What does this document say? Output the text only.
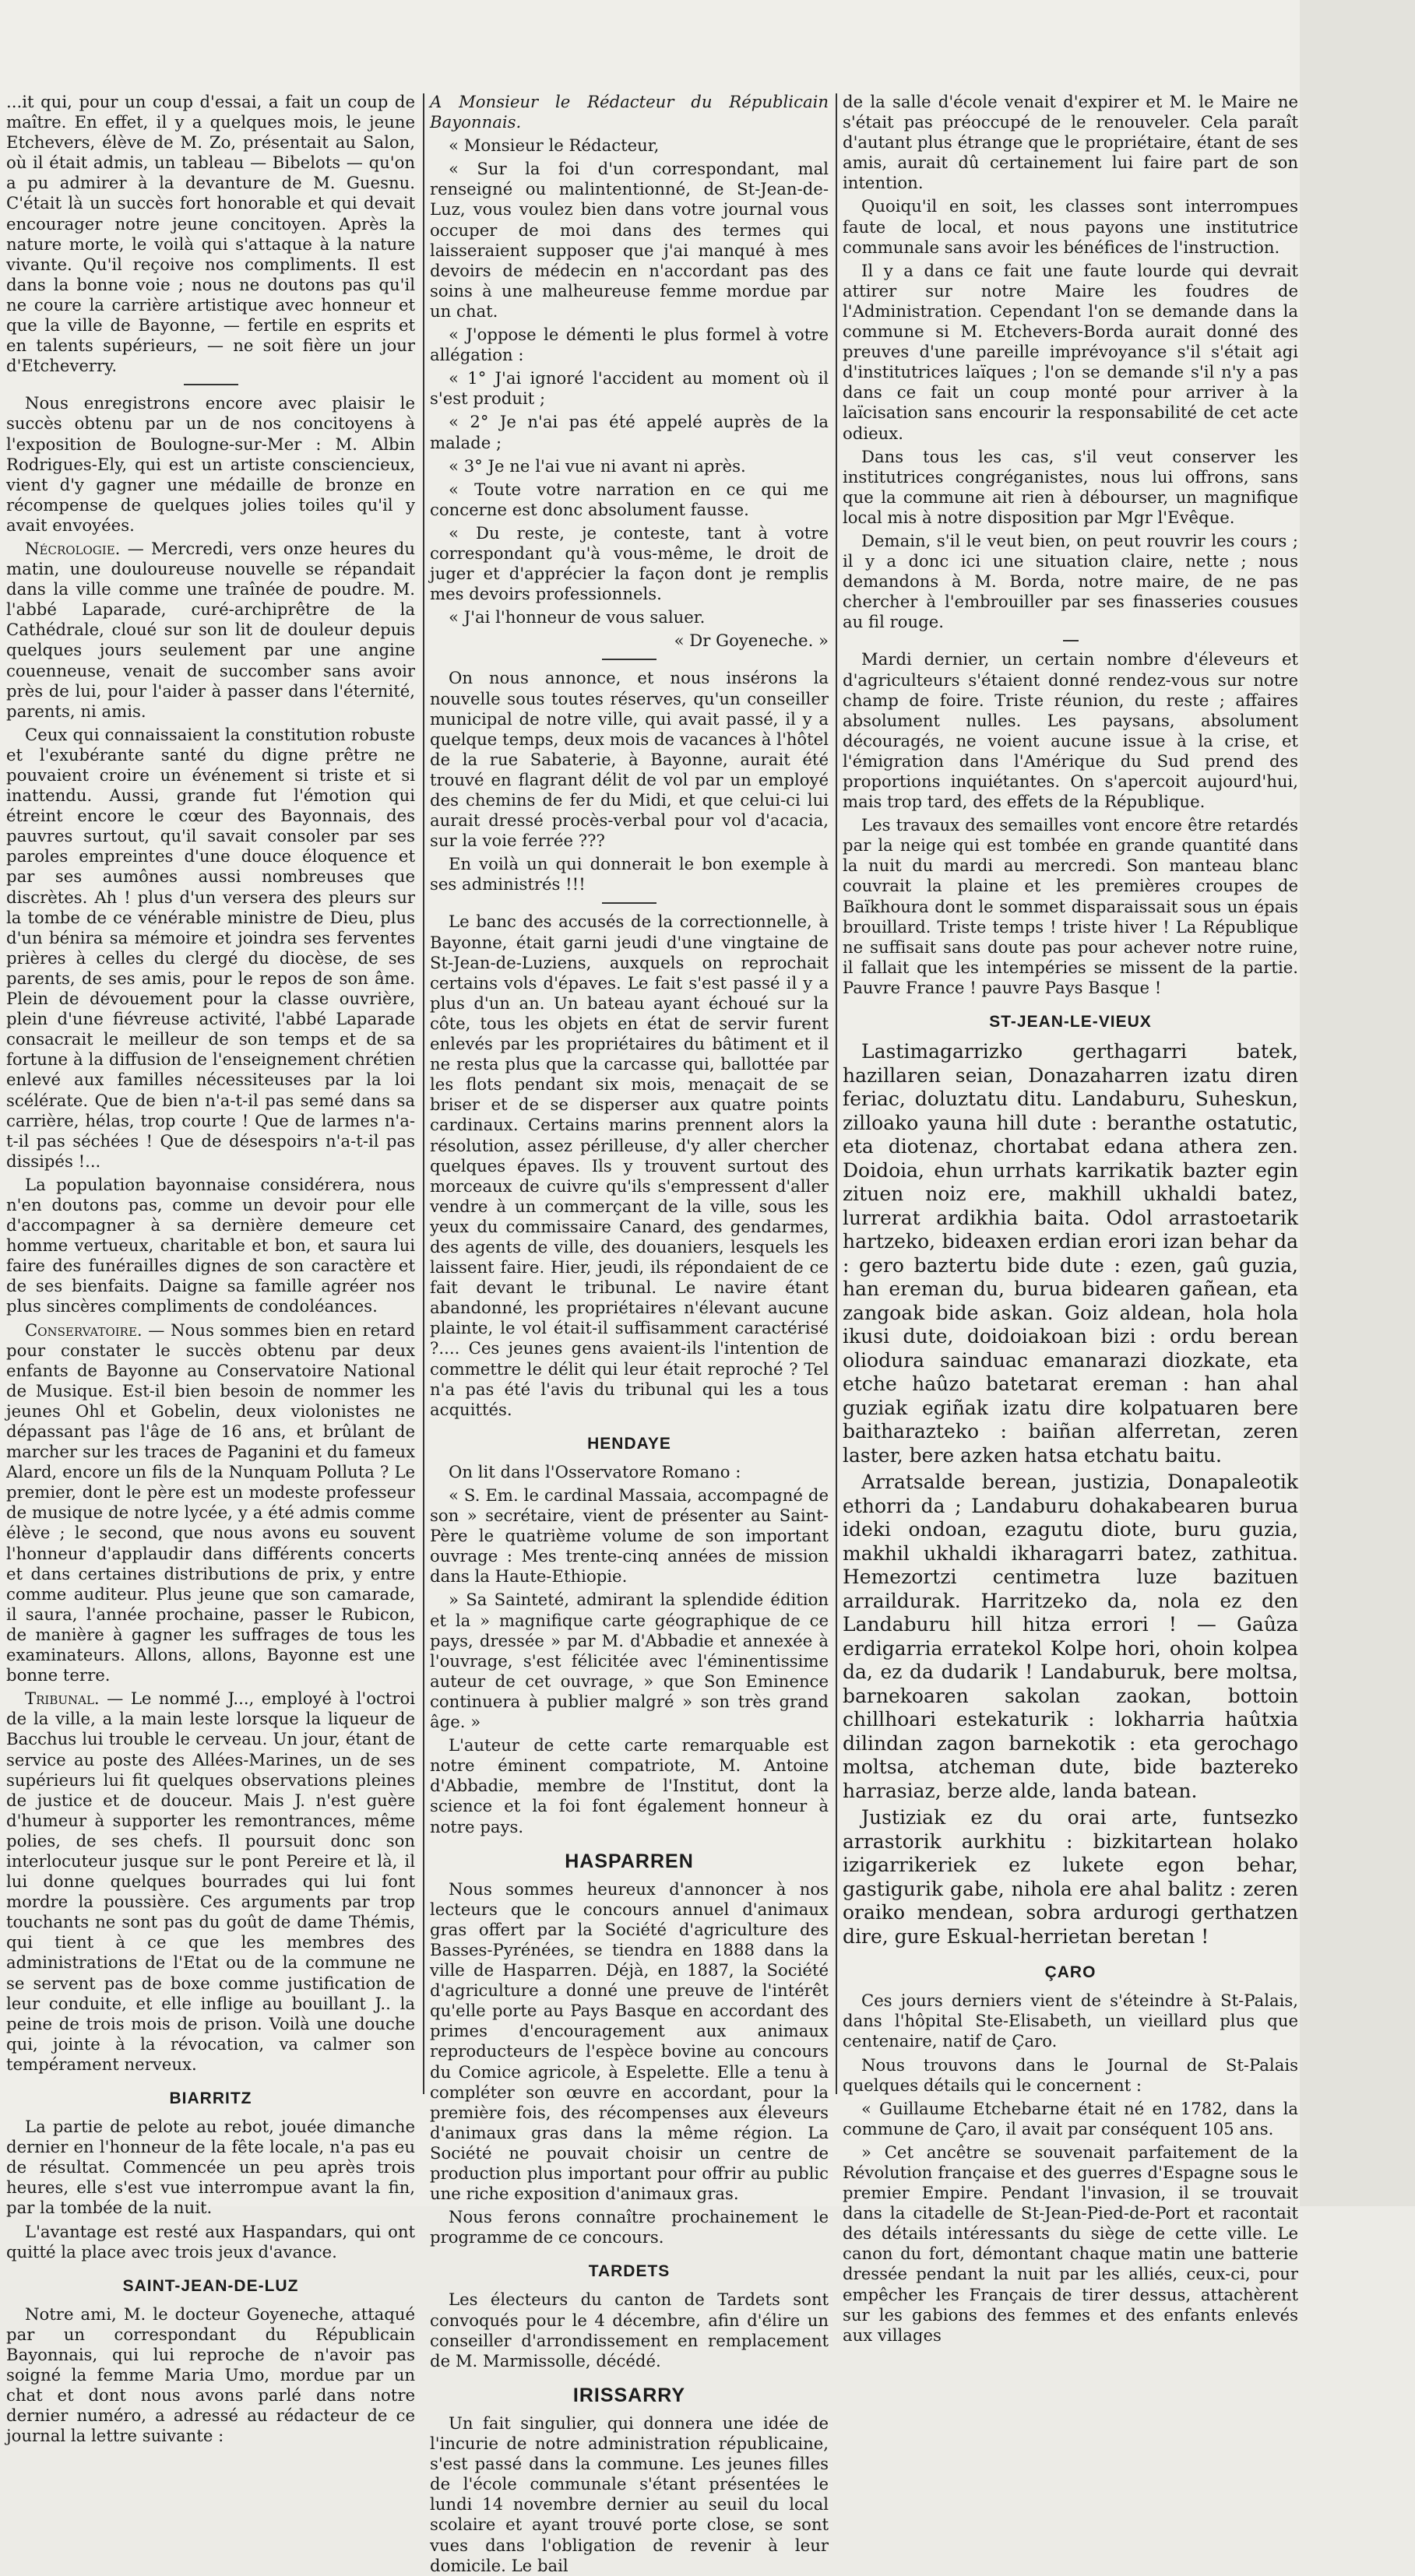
...it qui, pour un coup d'essai, a fait un coup de maître. En effet, il y a quelques mois, le jeune Etchevers, élève de M. Zo, présentait au Salon, où il était admis, un tableau — Bibelots — qu'on a pu admirer à la devanture de M. Guesnu. C'était là un succès fort honorable et qui devait encourager notre jeune concitoyen. Après la nature morte, le voilà qui s'attaque à la nature vivante. Qu'il reçoive nos compliments. Il est dans la bonne voie ; nous ne doutons pas qu'il ne coure la carrière artistique avec honneur et que la ville de Bayonne, — fertile en esprits et en talents supérieurs, — ne soit fière un jour d'Etcheverry.

Nous enregistrons encore avec plaisir le succès obtenu par un de nos concitoyens à l'exposition de Boulogne-sur-Mer : M. Albin Rodrigues-Ely, qui est un artiste consciencieux, vient d'y gagner une médaille de bronze en récompense de quelques jolies toiles qu'il y avait envoyées.

Nécrologie. — Mercredi, vers onze heures du matin, une douloureuse nouvelle se répandait dans la ville comme une traînée de poudre. M. l'abbé Laparade, curé-archiprêtre de la Cathédrale, cloué sur son lit de douleur depuis quelques jours seulement par une angine couenneuse, venait de succomber sans avoir près de lui, pour l'aider à passer dans l'éternité, parents, ni amis.

Ceux qui connaissaient la constitution robuste et l'exubérante santé du digne prêtre ne pouvaient croire un événement si triste et si inattendu. Aussi, grande fut l'émotion qui étreint encore le cœur des Bayonnais, des pauvres surtout, qu'il savait consoler par ses paroles empreintes d'une douce éloquence et par ses aumônes aussi nombreuses que discrètes. Ah ! plus d'un versera des pleurs sur la tombe de ce vénérable ministre de Dieu, plus d'un bénira sa mémoire et joindra ses ferventes prières à celles du clergé du diocèse, de ses parents, de ses amis, pour le repos de son âme. Plein de dévouement pour la classe ouvrière, plein d'une fiévreuse activité, l'abbé Laparade consacrait le meilleur de son temps et de sa fortune à la diffusion de l'enseignement chrétien enlevé aux familles nécessiteuses par la loi scélérate. Que de bien n'a-t-il pas semé dans sa carrière, hélas, trop courte ! Que de larmes n'a-t-il pas séchées ! Que de désespoirs n'a-t-il pas dissipés !...

La population bayonnaise considérera, nous n'en doutons pas, comme un devoir pour elle d'accompagner à sa dernière demeure cet homme vertueux, charitable et bon, et saura lui faire des funérailles dignes de son caractère et de ses bienfaits. Daigne sa famille agréer nos plus sincères compliments de condoléances.

Conservatoire. — Nous sommes bien en retard pour constater le succès obtenu par deux enfants de Bayonne au Conservatoire National de Musique. Est-il bien besoin de nommer les jeunes Ohl et Gobelin, deux violonistes ne dépassant pas l'âge de 16 ans, et brûlant de marcher sur les traces de Paganini et du fameux Alard, encore un fils de la Nunquam Polluta ? Le premier, dont le père est un modeste professeur de musique de notre lycée, y a été admis comme élève ; le second, que nous avons eu souvent l'honneur d'applaudir dans différents concerts et dans certaines distributions de prix, y entre comme auditeur. Plus jeune que son camarade, il saura, l'année prochaine, passer le Rubicon, de manière à gagner les suffrages de tous les examinateurs. Allons, allons, Bayonne est une bonne terre.

Tribunal. — Le nommé J..., employé à l'octroi de la ville, a la main leste lorsque la liqueur de Bacchus lui trouble le cerveau. Un jour, étant de service au poste des Allées-Marines, un de ses supérieurs lui fit quelques observations pleines de justice et de douceur. Mais J. n'est guère d'humeur à supporter les remontrances, même polies, de ses chefs. Il poursuit donc son interlocuteur jusque sur le pont Pereire et là, il lui donne quelques bourrades qui lui font mordre la poussière. Ces arguments par trop touchants ne sont pas du goût de dame Thémis, qui tient à ce que les membres des administrations de l'Etat ou de la commune ne se servent pas de boxe comme justification de leur conduite, et elle inflige au bouillant J.. la peine de trois mois de prison. Voilà une douche qui, jointe à la révocation, va calmer son tempérament nerveux.

BIARRITZ

La partie de pelote au rebot, jouée dimanche dernier en l'honneur de la fête locale, n'a pas eu de résultat. Commencée un peu après trois heures, elle s'est vue interrompue avant la fin, par la tombée de la nuit.

L'avantage est resté aux Haspandars, qui ont quitté la place avec trois jeux d'avance.

SAINT-JEAN-DE-LUZ

Notre ami, M. le docteur Goyeneche, attaqué par un correspondant du Républicain Bayonnais, qui lui reproche de n'avoir pas soigné la femme Maria Umo, mordue par un chat et dont nous avons parlé dans notre dernier numéro, a adressé au rédacteur de ce journal la lettre suivante :

A Monsieur le Rédacteur du Républicain Bayonnais.

« Monsieur le Rédacteur,

« Sur la foi d'un correspondant, mal renseigné ou malintentionné, de St-Jean-de-Luz, vous voulez bien dans votre journal vous occuper de moi dans des termes qui laisseraient supposer que j'ai manqué à mes devoirs de médecin en n'accordant pas des soins à une malheureuse femme mordue par un chat.

« J'oppose le démenti le plus formel à votre allégation :

« 1° J'ai ignoré l'accident au moment où il s'est produit ;

« 2° Je n'ai pas été appelé auprès de la malade ;

« 3° Je ne l'ai vue ni avant ni après.

« Toute votre narration en ce qui me concerne est donc absolument fausse.

« Du reste, je conteste, tant à votre correspondant qu'à vous-même, le droit de juger et d'apprécier la façon dont je remplis mes devoirs professionnels.

« J'ai l'honneur de vous saluer.

« Dr Goyeneche. »

On nous annonce, et nous insérons la nouvelle sous toutes réserves, qu'un conseiller municipal de notre ville, qui avait passé, il y a quelque temps, deux mois de vacances à l'hôtel de la rue Sabaterie, à Bayonne, aurait été trouvé en flagrant délit de vol par un employé des chemins de fer du Midi, et que celui-ci lui aurait dressé procès-verbal pour vol d'acacia, sur la voie ferrée ???

En voilà un qui donnerait le bon exemple à ses administrés !!!

Le banc des accusés de la correctionnelle, à Bayonne, était garni jeudi d'une vingtaine de St-Jean-de-Luziens, auxquels on reprochait certains vols d'épaves. Le fait s'est passé il y a plus d'un an. Un bateau ayant échoué sur la côte, tous les objets en état de servir furent enlevés par les propriétaires du bâtiment et il ne resta plus que la carcasse qui, ballottée par les flots pendant six mois, menaçait de se briser et de se disperser aux quatre points cardinaux. Certains marins prennent alors la résolution, assez périlleuse, d'y aller chercher quelques épaves. Ils y trouvent surtout des morceaux de cuivre qu'ils s'empressent d'aller vendre à un commerçant de la ville, sous les yeux du commissaire Canard, des gendarmes, des agents de ville, des douaniers, lesquels les laissent faire. Hier, jeudi, ils répondaient de ce fait devant le tribunal. Le navire étant abandonné, les propriétaires n'élevant aucune plainte, le vol était-il suffisamment caractérisé ?.... Ces jeunes gens avaient-ils l'intention de commettre le délit qui leur était reproché ? Tel n'a pas été l'avis du tribunal qui les a tous acquittés.

HENDAYE

On lit dans l'Osservatore Romano :

« S. Em. le cardinal Massaia, accompagné de son » secrétaire, vient de présenter au Saint-Père le quatrième volume de son important ouvrage : Mes trente-cinq années de mission dans la Haute-Ethiopie.

» Sa Sainteté, admirant la splendide édition et la » magnifique carte géographique de ce pays, dressée » par M. d'Abbadie et annexée à l'ouvrage, s'est félicitée avec l'éminentissime auteur de cet ouvrage, » que Son Eminence continuera à publier malgré » son très grand âge. »

L'auteur de cette carte remarquable est notre éminent compatriote, M. Antoine d'Abbadie, membre de l'Institut, dont la science et la foi font également honneur à notre pays.

HASPARREN

Nous sommes heureux d'annoncer à nos lecteurs que le concours annuel d'animaux gras offert par la Société d'agriculture des Basses-Pyrénées, se tiendra en 1888 dans la ville de Hasparren. Déjà, en 1887, la Société d'agriculture a donné une preuve de l'intérêt qu'elle porte au Pays Basque en accordant des primes d'encouragement aux animaux reproducteurs de l'espèce bovine au concours du Comice agricole, à Espelette. Elle a tenu à compléter son œuvre en accordant, pour la première fois, des récompenses aux éleveurs d'animaux gras dans la même région. La Société ne pouvait choisir un centre de production plus important pour offrir au public une riche exposition d'animaux gras.

Nous ferons connaître prochainement le programme de ce concours.

TARDETS

Les électeurs du canton de Tardets sont convoqués pour le 4 décembre, afin d'élire un conseiller d'arrondissement en remplacement de M. Marmissolle, décédé.

IRISSARRY

Un fait singulier, qui donnera une idée de l'incurie de notre administration républicaine, s'est passé dans la commune. Les jeunes filles de l'école communale s'étant présentées le lundi 14 novembre dernier au seuil du local scolaire et ayant trouvé porte close, se sont vues dans l'obligation de revenir à leur domicile. Le bail

de la salle d'école venait d'expirer et M. le Maire ne s'était pas préoccupé de le renouveler. Cela paraît d'autant plus étrange que le propriétaire, étant de ses amis, aurait dû certainement lui faire part de son intention.

Quoiqu'il en soit, les classes sont interrompues faute de local, et nous payons une institutrice communale sans avoir les bénéfices de l'instruction.

Il y a dans ce fait une faute lourde qui devrait attirer sur notre Maire les foudres de l'Administration. Cependant l'on se demande dans la commune si M. Etchevers-Borda aurait donné des preuves d'une pareille imprévoyance s'il s'était agi d'institutrices laïques ; l'on se demande s'il n'y a pas dans ce fait un coup monté pour arriver à la laïcisation sans encourir la responsabilité de cet acte odieux.

Dans tous les cas, s'il veut conserver les institutrices congréganistes, nous lui offrons, sans que la commune ait rien à débourser, un magnifique local mis à notre disposition par Mgr l'Evêque.

Demain, s'il le veut bien, on peut rouvrir les cours ; il y a donc ici une situation claire, nette ; nous demandons à M. Borda, notre maire, de ne pas chercher à l'embrouiller par ses finasseries cousues au fil rouge.

Mardi dernier, un certain nombre d'éleveurs et d'agriculteurs s'étaient donné rendez-vous sur notre champ de foire. Triste réunion, du reste ; affaires absolument nulles. Les paysans, absolument découragés, ne voient aucune issue à la crise, et l'émigration dans l'Amérique du Sud prend des proportions inquiétantes. On s'apercoit aujourd'hui, mais trop tard, des effets de la République.

Les travaux des semailles vont encore être retardés par la neige qui est tombée en grande quantité dans la nuit du mardi au mercredi. Son manteau blanc couvrait la plaine et les premières croupes de Baïkhoura dont le sommet disparaissait sous un épais brouillard. Triste temps ! triste hiver ! La République ne suffisait sans doute pas pour achever notre ruine, il fallait que les intempéries se missent de la partie. Pauvre France ! pauvre Pays Basque !

ST-JEAN-LE-VIEUX

Lastimagarrizko gerthagarri batek, hazillaren seian, Donazaharren izatu diren feriac, doluztatu ditu. Landaburu, Suheskun, zilloako yauna hill dute : beranthe ostatutic, eta diotenaz, chortabat edana athera zen. Doidoia, ehun urrhats karrikatik bazter egin zituen noiz ere, makhill ukhaldi batez, lurrerat ardikhia baita. Odol arrastoetarik hartzeko, bideaxen erdian erori izan behar da : gero baztertu bide dute : ezen, gaû guzia, han ereman du, burua bidearen gañean, eta zangoak bide askan. Goiz aldean, hola hola ikusi dute, doidoiakoan bizi : ordu berean oliodura sainduac emanarazi diozkate, eta etche haûzo batetarat ereman : han ahal guziak egiñak izatu dire kolpatuaren bere baitharazteko : baiñan alferretan, zeren laster, bere azken hatsa etchatu baitu.

Arratsalde berean, justizia, Donapaleotik ethorri da ; Landaburu dohakabearen burua ideki ondoan, ezagutu diote, buru guzia, makhil ukhaldi ikharagarri batez, zathitua. Hemezortzi centimetra luze bazituen arraildurak. Harritzeko da, nola ez den Landaburu hill hitza errori ! — Gaûza erdigarria erratekol Kolpe hori, ohoin kolpea da, ez da dudarik ! Landaburuk, bere moltsa, barnekoaren sakolan zaokan, bottoin chillhoari estekaturik : lokharria haûtxia dilindan zagon barnekotik : eta gerochago moltsa, atcheman dute, bide baztereko harrasiaz, berze alde, landa batean.

Justiziak ez du orai arte, funtsezko arrastorik aurkhitu : bizkitartean holako izigarrikeriek ez lukete egon behar, gastigurik gabe, nihola ere ahal balitz : zeren oraiko mendean, sobra ardurogi gerthatzen dire, gure Eskual-herrietan beretan !

ÇARO

Ces jours derniers vient de s'éteindre à St-Palais, dans l'hôpital Ste-Elisabeth, un vieillard plus que centenaire, natif de Çaro.

Nous trouvons dans le Journal de St-Palais quelques détails qui le concernent :

« Guillaume Etchebarne était né en 1782, dans la commune de Çaro, il avait par conséquent 105 ans.

» Cet ancêtre se souvenait parfaitement de la Révolution française et des guerres d'Espagne sous le premier Empire. Pendant l'invasion, il se trouvait dans la citadelle de St-Jean-Pied-de-Port et racontait des détails intéressants du siège de cette ville. Le canon du fort, démontant chaque matin une batterie dressée pendant la nuit par les alliés, ceux-ci, pour empêcher les Français de tirer dessus, attachèrent sur les gabions des femmes et des enfants enlevés aux villages
